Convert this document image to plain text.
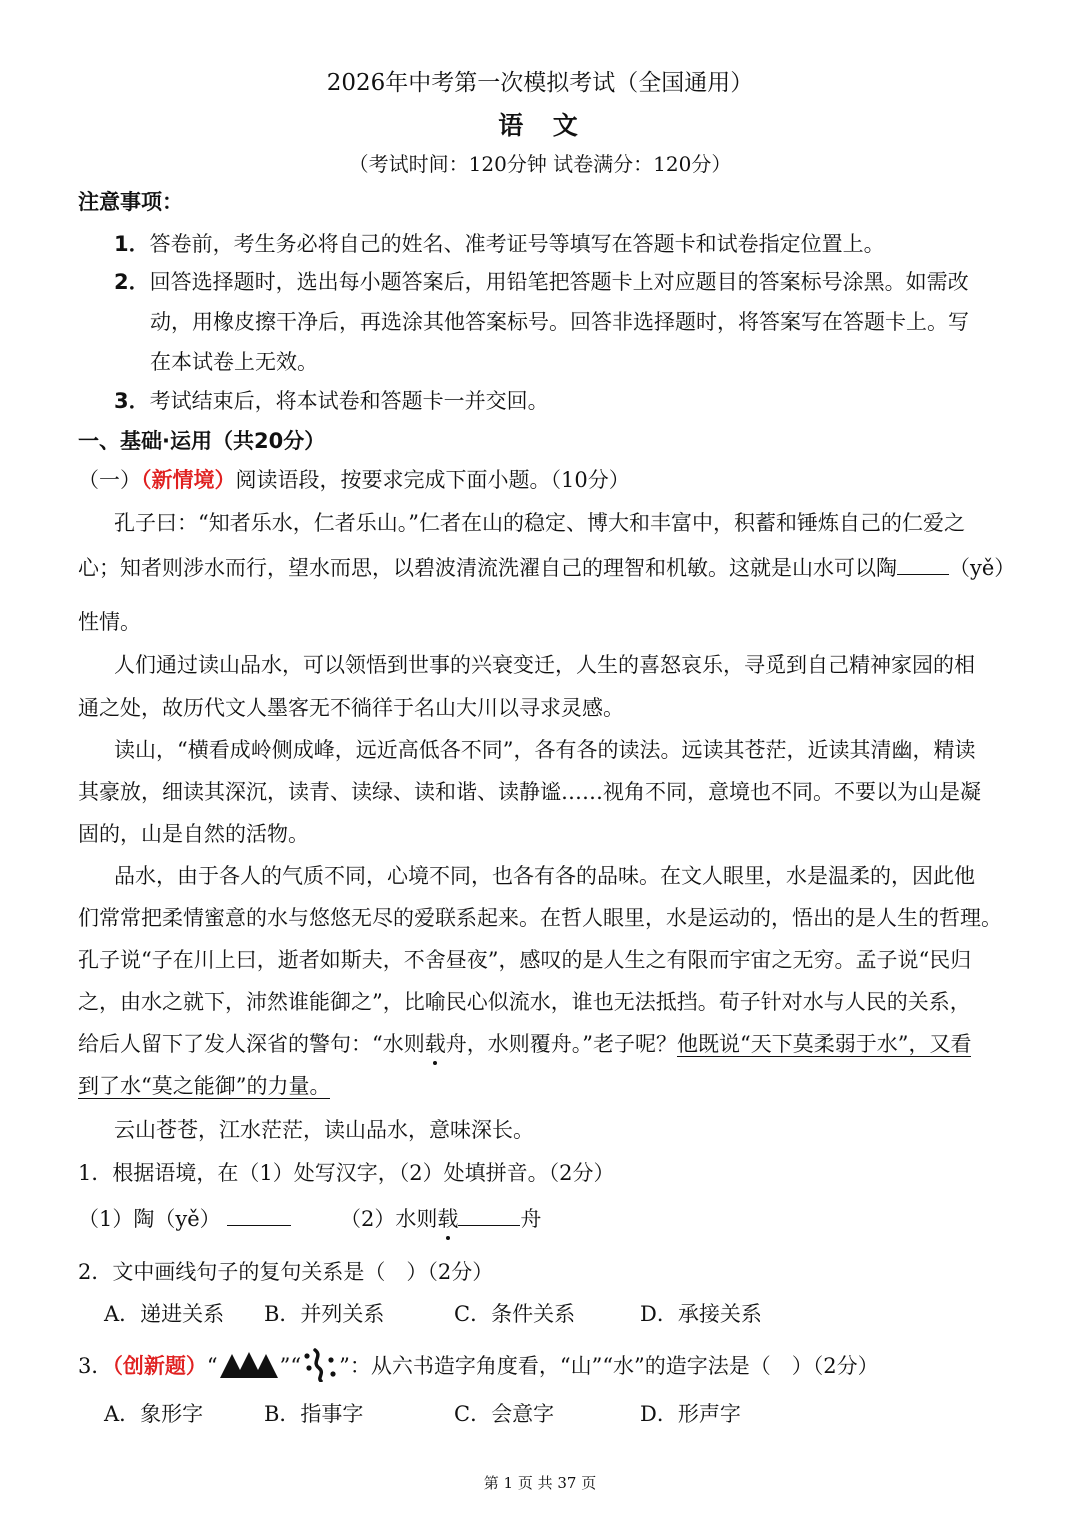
2026年中考第一次模拟考试（全国通用）
语  文
（考试时间：120分钟 试卷满分：120分）
注意事项：
1．答卷前，考生务必将自己的姓名、准考证号等填写在答题卡和试卷指定位置上。
2．回答选择题时，选出每小题答案后，用铅笔把答题卡上对应题目的答案标号涂黑。如需改
动，用橡皮擦干净后，再选涂其他答案标号。回答非选择题时，将答案写在答题卡上。写
在本试卷上无效。
3．考试结束后，将本试卷和答题卡一并交回。
一、基础·运用（共20分）
（一）（新情境）阅读语段，按要求完成下面小题。（10分）
孔子曰：“知者乐水，仁者乐山。”仁者在山的稳定、博大和丰富中，积蓄和锤炼自己的仁爱之
心；知者则涉水而行，望水而思，以碧波清流洗濯自己的理智和机敏。这就是山水可以陶 （yě）
性情。
人们通过读山品水，可以领悟到世事的兴衰变迁，人生的喜怒哀乐，寻觅到自己精神家园的相
通之处，故历代文人墨客无不徜徉于名山大川以寻求灵感。
读山，“横看成岭侧成峰，远近高低各不同”，各有各的读法。远读其苍茫，近读其清幽，精读
其豪放，细读其深沉，读青、读绿、读和谐、读静谧……视角不同，意境也不同。不要以为山是凝
固的，山是自然的活物。
品水，由于各人的气质不同，心境不同，也各有各的品味。在文人眼里，水是温柔的，因此他
们常常把柔情蜜意的水与悠悠无尽的爱联系起来。在哲人眼里，水是运动的，悟出的是人生的哲理。
孔子说“子在川上曰，逝者如斯夫，不舍昼夜”，感叹的是人生之有限而宇宙之无穷。孟子说“民归
之，由水之就下，沛然谁能御之”，比喻民心似流水，谁也无法抵挡。荀子针对水与人民的关系，
给后人留下了发人深省的警句：“水则载舟，水则覆舟。”老子呢？他既说“天下莫柔弱于水”，又看
到了水“莫之能御”的力量。
云山苍苍，江水茫茫，读山品水，意味深长。
1．根据语境，在（1）处写汉字，（2）处填拼音。（2分）
（1）陶（yě）	（2）水则载	舟
2．文中画线句子的复句关系是（　）（2分）
A．递进关系 B．并列关系	C．条件关系	D．承接关系
3．（创新题）“	”“ ”：从六书造字角度看，“山”“水”的造字法是（　）（2分）
A．象形字	B．指事字	C．会意字	D．形声字
第 1 页 共 37 页
